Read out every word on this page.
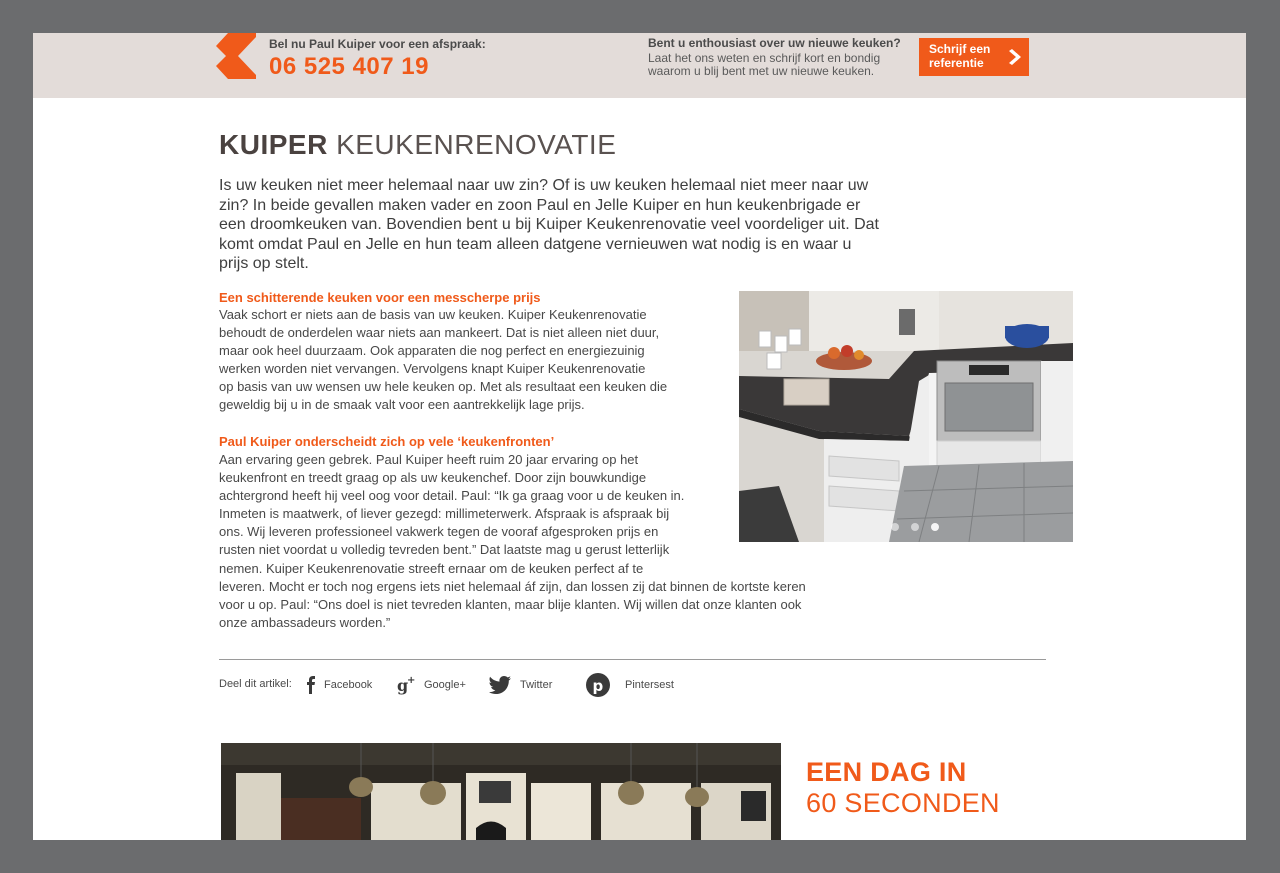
Bel nu Paul Kuiper voor een afspraak:
06 525 407 19
Bent u enthousiast over uw nieuwe keuken?
Laat het ons weten en schrijf kort en bondig
waarom u blij bent met uw nieuwe keuken.
Schrijf een
referentie
KUIPER KEUKENRENOVATIE
Is uw keuken niet meer helemaal naar uw zin? Of is uw keuken helemaal niet meer naar uw zin? In beide gevallen maken vader en zoon Paul en Jelle Kuiper en hun keukenbrigade er een droomkeuken van. Bovendien bent u bij Kuiper Keukenrenovatie veel voordeliger uit. Dat komt omdat Paul en Jelle en hun team alleen datgene vernieuwen wat nodig is en waar u prijs op stelt.
Een schitterende keuken voor een messcherpe prijs
Vaak schort er niets aan de basis van uw keuken. Kuiper Keukenrenovatie
behoudt de onderdelen waar niets aan mankeert. Dat is niet alleen niet duur,
maar ook heel duurzaam. Ook apparaten die nog perfect en energiezuinig
werken worden niet vervangen. Vervolgens knapt Kuiper Keukenrenovatie
op basis van uw wensen uw hele keuken op. Met als resultaat een keuken die
geweldig bij u in de smaak valt voor een aantrekkelijk lage prijs.
Paul Kuiper onderscheidt zich op vele ‘keukenfronten’
Aan ervaring geen gebrek. Paul Kuiper heeft ruim 20 jaar ervaring op het
keukenfront en treedt graag op als uw keukenchef. Door zijn bouwkundige
achtergrond heeft hij veel oog voor detail. Paul: “Ik ga graag voor u de keuken in.
Inmeten is maatwerk, of liever gezegd: millimeterwerk. Afspraak is afspraak bij
ons. Wij leveren professioneel vakwerk tegen de vooraf afgesproken prijs en
rusten niet voordat u volledig tevreden bent.” Dat laatste mag u gerust letterlijk
nemen. Kuiper Keukenrenovatie streeft ernaar om de keuken perfect af te
leveren. Mocht er toch nog ergens iets niet helemaal áf zijn, dan lossen zij dat binnen de kortste keren
voor u op. Paul: “Ons doel is niet tevreden klanten, maar blije klanten. Wij willen dat onze klanten ook
onze ambassadeurs worden.”
Deel dit artikel:	Facebook g
+ Google+	Twitter	p Pintersest
EEN DAG IN
60 SECONDEN
